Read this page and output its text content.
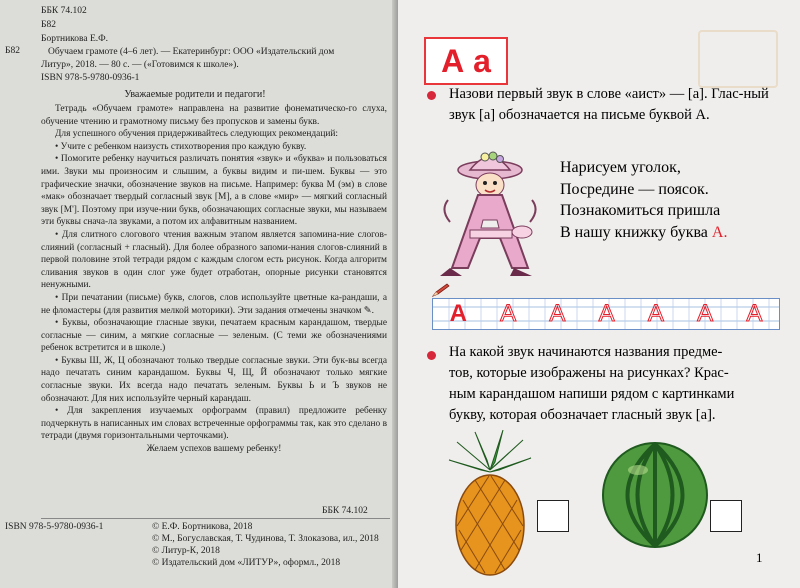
ББК 74.102
Б82
Б82
Бортникова Е.Ф.
Обучаем грамоте (4–6 лет). — Екатеринбург: ООО «Издательский дом
Литур», 2018. — 80 с. — («Готовимся к школе»).
ISBN 978-5-9780-0936-1
Уважаемые родители и педагоги!

Тетрадь «Обучаем грамоте» направлена на развитие фонематическо-го слуха, обучение чтению и грамотному письму без пропусков и замены букв.

Для успешного обучения придерживайтесь следующих рекомендаций:

• Учите с ребенком наизусть стихотворения про каждую букву.

• Помогите ребенку научиться различать понятия «звук» и «буква» и пользоваться ими. Звуки мы произносим и слышим, а буквы видим и пи-шем. Буквы — это графические значки, обозначение звуков на письме. Например: буква М (эм) в слове «мак» обозначает твердый согласный звук [М], а в слове «мир» — мягкий согласный звук [М']. Поэтому при изуче-нии букв, обозначающих согласные звуки, мы называем эти буквы снача-ла звуками, а потом их алфавитным названием.

• Для слитного слогового чтения важным этапом является запомина-ние слогов-слияний (согласный + гласный). Для более образного запоми-нания слогов-слияний в первой половине этой тетради рядом с каждым слогом есть рисунок. Когда алгоритм сливания звуков в один слог уже будет отработан, опорные рисунки становятся ненужными.

• При печатании (письме) букв, слогов, слов используйте цветные ка-рандаши, а не фломастеры (для развития мелкой моторики). Эти задания отмечены значком ✎.

• Буквы, обозначающие гласные звуки, печатаем красным карандашом, твердые согласные — синим, а мягкие согласные — зеленым. (С теми же обозначениями ребенок встретится и в школе.)

• Буквы Ш, Ж, Ц обозначают только твердые согласные звуки. Эти бук-вы всегда надо печатать синим карандашом. Буквы Ч, Щ, Й обозначают только мягкие согласные звуки. Их всегда надо печатать зеленым. Буквы Ь и Ъ звуков не обозначают. Для них используйте черный карандаш.

• Для закрепления изучаемых орфограмм (правил) предложите ребенку подчеркнуть в написанных им словах встреченные орфограммы так, как это сделано в тетради (двумя горизонтальными черточками).

Желаем успехов вашему ребенку!

ББК 74.102
ISBN 978-5-9780-0936-1	© Е.Ф. Бортникова, 2018
© М., Богуславская, Т. Чудинова, Т. Злоказова, ил., 2018
© Литур-К, 2018
© Издательский дом «ЛИТУР», оформл., 2018
А а
Назови первый звук в слове «аист» — [а]. Глас-ный звук [а] обозначается на письме буквой А.
Нарисуем уголок,
Посредине — поясок.
Познакомиться пришла
В нашу книжку буква А.
А А А А А А А
На какой звук начинаются названия предме-
тов, которые изображены на рисунках? Крас-
ным карандашом напиши рядом с картинками
букву, которая обозначает гласный звук [а].
1
